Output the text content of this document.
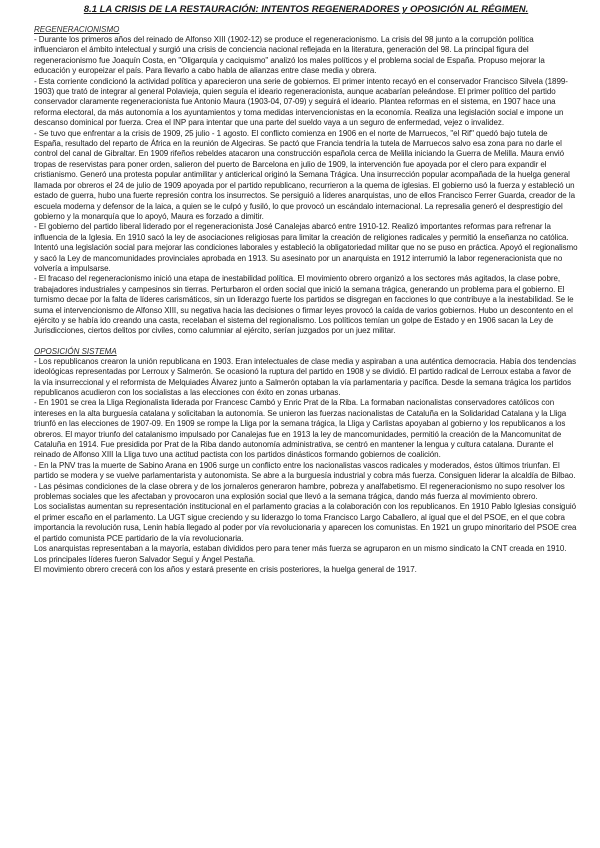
8.1 LA CRISIS DE LA RESTAURACIÓN: INTENTOS REGENERADORES y OPOSICIÓN AL RÉGIMEN.
REGENERACIONISMO

- Durante los primeros años del reinado de Alfonso XIII (1902-12) se produce el regeneracionismo. La crisis del 98 junto a la corrupción política influenciaron el ámbito intelectual y surgió una crisis de conciencia nacional reflejada en la literatura, generación del 98. La principal figura del regeneracionismo fue Joaquín Costa, en "Oligarquía y caciquismo" analizó los males políticos y el problema social de España. Propuso mejorar la educación y europeizar el país. Para llevarlo a cabo habla de alianzas entre clase media y obrera.

- Esta corriente condicionó la actividad política y aparecieron una serie de gobiernos. El primer intento recayó en el conservador Francisco Silvela (1899-1903) que trató de integrar al general Polavieja, quien seguía el ideario regeneracionista, aunque acabarían peleándose. El primer político del partido conservador claramente regeneracionista fue Antonio Maura (1903-04, 07-09) y seguirá el ideario. Plantea reformas en el sistema, en 1907 hace una reforma electoral, da más autonomía a los ayuntamientos y toma medidas intervencionistas en la economía. Realiza una legislación social e impone un descanso dominical por fuerza. Crea el INP para intentar que una parte del sueldo vaya a un seguro de enfermedad, vejez o invalidez.

- Se tuvo que enfrentar a la crisis de 1909, 25 julio - 1 agosto. El conflicto comienza en 1906 en el norte de Marruecos, "el Rif" quedó bajo tutela de España, resultado del reparto de África en la reunión de Algeciras. Se pactó que Francia tendría la tutela de Marruecos salvo esa zona para no darle el control del canal de Gibraltar. En 1909 rifeños rebeldes atacaron una construcción española cerca de Melilla iniciando la Guerra de Melilla. Maura envió tropas de reservistas para poner orden, salieron del puerto de Barcelona en julio de 1909, la intervención fue apoyada por el clero para expandir el cristianismo. Generó una protesta popular antimilitar y anticlerical originó la Semana Trágica. Una insurrección popular acompañada de la huelga general llamada por obreros el 24 de julio de 1909 apoyada por el partido republicano, recurrieron a la quema de iglesias. El gobierno usó la fuerza y estableció un estado de guerra, hubo una fuerte represión contra los insurrectos. Se persiguió a líderes anarquistas, uno de ellos Francisco Ferrer Guarda, creador de la escuela moderna y defensor de la laica, a quien se le culpó y fusiló, lo que provocó un escándalo internacional. La represalia generó el desprestigio del gobierno y la monarquía que lo apoyó, Maura es forzado a dimitir.

- El gobierno del partido liberal liderado por el regeneracionista José Canalejas abarcó entre 1910-12. Realizó importantes reformas para refrenar la influencia de la Iglesia. En 1910 sacó la ley de asociaciones religiosas para limitar la creación de religiones radicales y permitió la enseñanza no católica. Intentó una legislación social para mejorar las condiciones laborales y estableció la obligatoriedad militar que no se puso en práctica. Apoyó el regionalismo y sacó la Ley de mancomunidades provinciales aprobada en 1913. Su asesinato por un anarquista en 1912 interrumió la labor regeneracionista que no volvería a impulsarse.

- El fracaso del regeneracionismo inició una etapa de inestabilidad política. El movimiento obrero organizó a los sectores más agitados, la clase pobre, trabajadores industriales y campesinos sin tierras. Perturbaron el orden social que inició la semana trágica, generando un problema para el gobierno. El turnismo decae por la falta de líderes carismáticos, sin un liderazgo fuerte los partidos se disgregan en facciones lo que contribuye a la inestabilidad. Se le suma el intervencionismo de Alfonso XIII, su negativa hacia las decisiones o firmar leyes provocó la caída de varios gobiernos. Hubo un descontento en el ejército y se había ido creando una casta, recelaban el sistema del regionalismo. Los políticos temían un golpe de Estado y en 1906 sacan la Ley de Jurisdicciones, ciertos delitos por civiles, como calumniar al ejército, serían juzgados por un juez militar.

OPOSICIÓN SISTEMA

- Los republicanos crearon la unión republicana en 1903. Eran intelectuales de clase media y aspiraban a una auténtica democracia. Había dos tendencias ideológicas representadas por Lerroux y Salmerón. Se ocasionó la ruptura del partido en 1908 y se dividió. El partido radical de Lerroux estaba a favor de la vía insurreccional y el reformista de Melquiades Álvarez junto a Salmerón optaban la vía parlamentaria y pacífica. Desde la semana trágica los partidos republicanos acudieron con los socialistas a las elecciones con éxito en zonas urbanas.

- En 1901 se crea la Lliga Regionalista liderada por Francesc Cambó y Enric Prat de la Riba. La formaban nacionalistas conservadores católicos con intereses en la alta burguesía catalana y solicitaban la autonomía. Se unieron las fuerzas nacionalistas de Cataluña en la Solidaridad Catalana y la Lliga triunfó en las elecciones de 1907-09. En 1909 se rompe la Lliga por la semana trágica, la Lliga y Carlistas apoyaban al gobierno y los republicanos a los obreros. El mayor triunfo del catalanismo impulsado por Canalejas fue en 1913 la ley de mancomunidades, permitió la creación de la Mancomunitat de Cataluña en 1914. Fue presidida por Prat de la Riba dando autonomía administrativa, se centró en mantener la lengua y cultura catalana. Durante el reinado de Alfonso XIII la Lliga tuvo una actitud pactista con los partidos dinásticos formando gobiernos de coalición.

- En la PNV tras la muerte de Sabino Arana en 1906 surge un conflicto entre los nacionalistas vascos radicales y moderados, éstos últimos triunfan. El partido se modera y se vuelve parlamentarista y autonomista. Se abre a la burguesía industrial y cobra más fuerza. Consiguen liderar la alcaldía de Bilbao.

- Las pésimas condiciones de la clase obrera y de los jornaleros generaron hambre, pobreza y analfabetismo. El regeneracionismo no supo resolver los problemas sociales que les afectaban y provocaron una explosión social que llevó a la semana trágica, dando más fuerza al movimiento obrero.

Los socialistas aumentan su representación institucional en el parlamento gracias a la colaboración con los republicanos. En 1910 Pablo Iglesias consiguió el primer escaño en el parlamento. La UGT sigue creciendo y su liderazgo lo toma Francisco Largo Caballero, al igual que el del PSOE, en el que cobra importancia la revolución rusa, Lenin había llegado al poder por vía revolucionaria y aparecen los comunistas. En 1921 un grupo minoritario del PSOE crea el partido comunista PCE partidario de la vía revolucionaria.

Los anarquistas representaban a la mayoría, estaban divididos pero para tener más fuerza se agruparon en un mismo sindicato la CNT creada en 1910. Los principales líderes fueron Salvador Seguí y Ángel Pestaña.

El movimiento obrero crecerá con los años y estará presente en crisis posteriores, la huelga general de 1917.
